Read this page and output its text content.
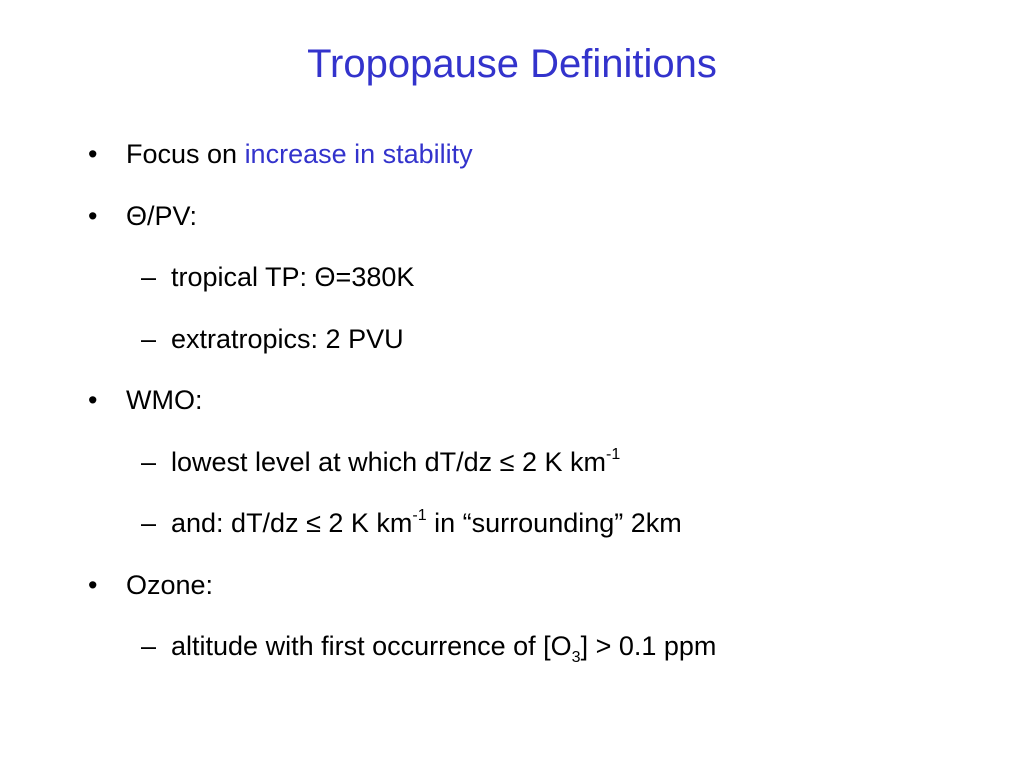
Tropopause Definitions
• Focus on increase in stability
• Θ/PV:
– tropical TP: Θ=380K
– extratropics: 2 PVU
• WMO:
– lowest level at which dT/dz ≤ 2 K $km^{-1}$
– and: dT/dz ≤ 2 K $km^{-1}$ in “surrounding” 2km
• Ozone:
– altitude with first occurrence of $[O_3] > 0.1$ ppm
